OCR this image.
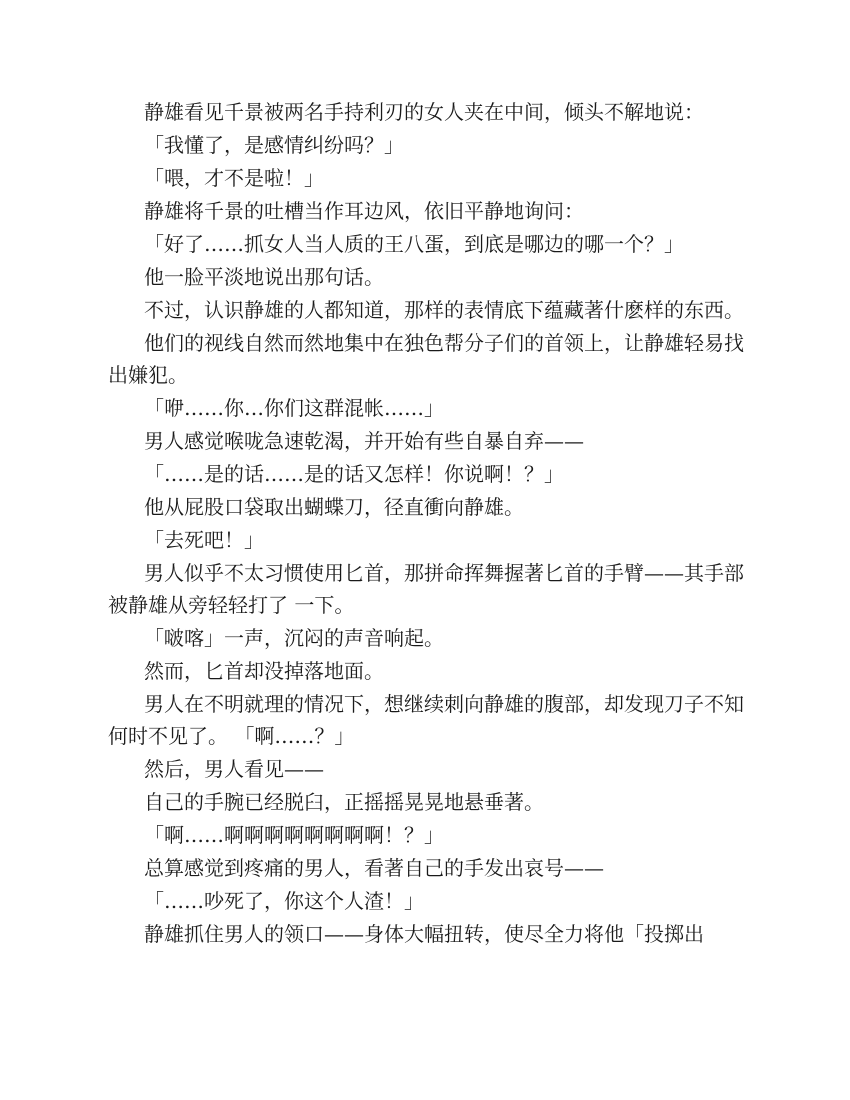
静雄看见千景被两名手持利刃的女人夹在中间，倾头不解地说：

「我懂了，是感情纠纷吗？」

「喂，才不是啦！」

静雄将千景的吐槽当作耳边风，依旧平静地询问：

「好了……抓女人当人质的王八蛋，到底是哪边的哪一个？」

他一脸平淡地说出那句话。

不过，认识静雄的人都知道，那样的表情底下蕴藏著什麽样的东西。

他们的视线自然而然地集中在独色帮分子们的首领上，让静雄轻易找出嫌犯。

「咿……你…你们这群混帐……」

男人感觉喉咙急速乾渴，并开始有些自暴自弃——

「……是的话……是的话又怎样！你说啊！？」

他从屁股口袋取出蝴蝶刀，径直衝向静雄。

「去死吧！」

男人似乎不太习惯使用匕首，那拼命挥舞握著匕首的手臂——其手部被静雄从旁轻轻打了 一下。

「啵喀」一声，沉闷的声音响起。

然而，匕首却没掉落地面。

男人在不明就理的情况下，想继续刺向静雄的腹部，却发现刀子不知何时不见了。 「啊……？」

然后，男人看见——

自己的手腕已经脱臼，正摇摇晃晃地悬垂著。

「啊……啊啊啊啊啊啊啊啊！？」

总算感觉到疼痛的男人，看著自己的手发出哀号——

「……吵死了，你这个人渣！」

静雄抓住男人的领口——身体大幅扭转，使尽全力将他「投掷出
